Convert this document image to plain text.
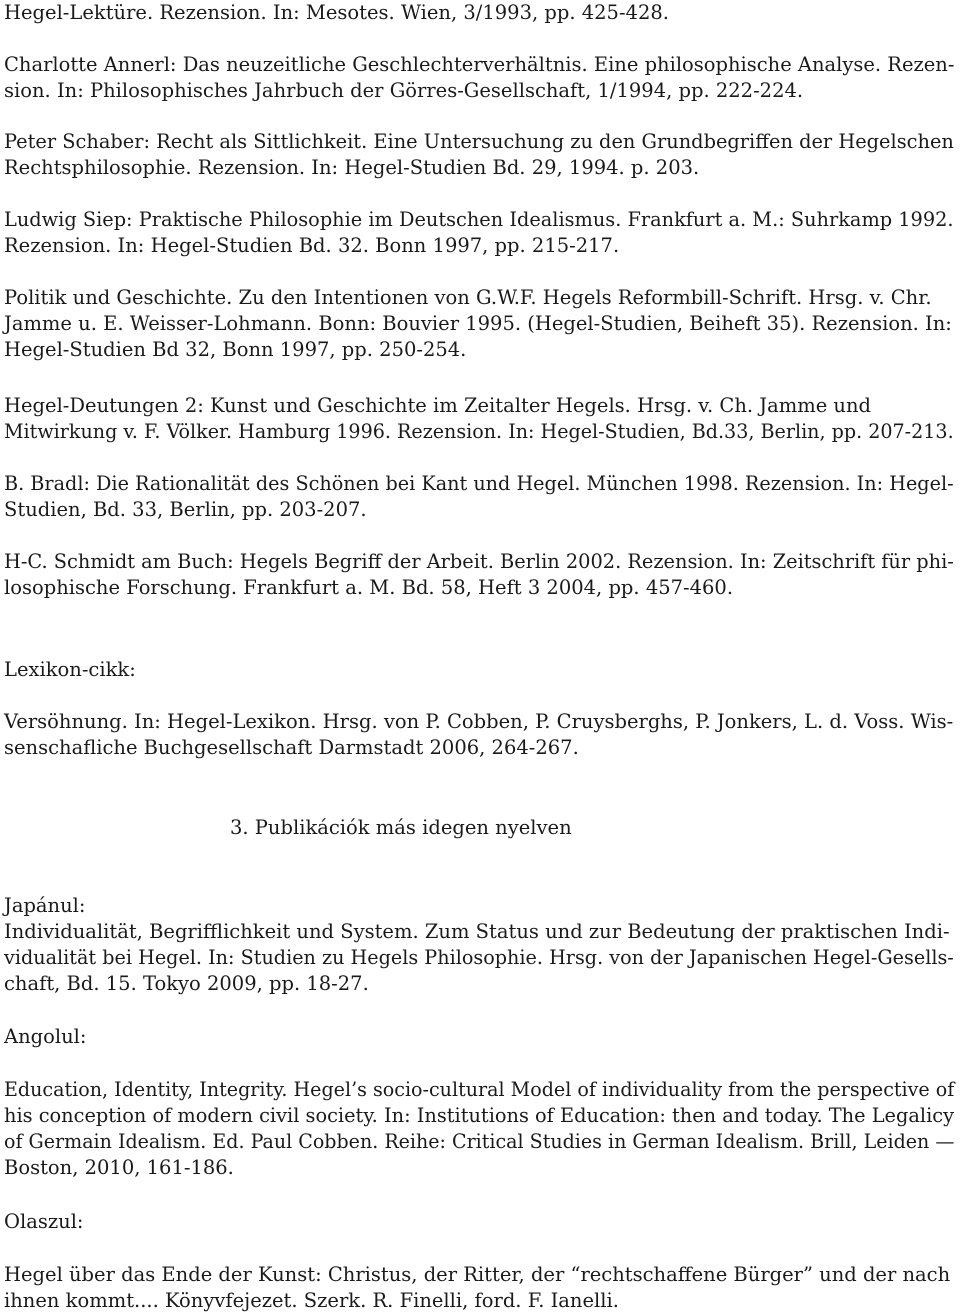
Hegel-Lektüre. Rezension. In: Mesotes. Wien, 3/1993, pp. 425-428.
Charlotte Annerl: Das neuzeitliche Geschlechterverhältnis. Eine philosophische Analyse. Rezen-
sion. In: Philosophisches Jahrbuch der Görres-Gesellschaft, 1/1994, pp. 222-224.
Peter Schaber: Recht als Sittlichkeit. Eine Untersuchung zu den Grundbegriffen der Hegelschen
Rechtsphilosophie. Rezension. In: Hegel-Studien Bd. 29, 1994. p. 203.
Ludwig Siep: Praktische Philosophie im Deutschen Idealismus. Frankfurt a. M.: Suhrkamp 1992.
Rezension. In: Hegel-Studien Bd. 32. Bonn 1997, pp. 215-217.
Politik und Geschichte. Zu den Intentionen von G.W.F. Hegels Reformbill-Schrift. Hrsg. v. Chr.
Jamme u. E. Weisser-Lohmann. Bonn: Bouvier 1995. (Hegel-Studien, Beiheft 35). Rezension. In:
Hegel-Studien Bd 32, Bonn 1997, pp. 250-254.
Hegel-Deutungen 2: Kunst und Geschichte im Zeitalter Hegels. Hrsg. v. Ch. Jamme und
Mitwirkung v. F. Völker. Hamburg 1996. Rezension. In: Hegel-Studien, Bd.33, Berlin, pp. 207-213.
B. Bradl: Die Rationalität des Schönen bei Kant und Hegel. München 1998. Rezension. In: Hegel-
Studien, Bd. 33, Berlin, pp. 203-207.
H-C. Schmidt am Buch: Hegels Begriff der Arbeit. Berlin 2002. Rezension. In: Zeitschrift für phi-
losophische Forschung. Frankfurt a. M. Bd. 58, Heft 3 2004, pp. 457-460.
Lexikon-cikk:
Versöhnung. In: Hegel-Lexikon. Hrsg. von P. Cobben, P. Cruysberghs, P. Jonkers, L. d. Voss. Wis-
senschafliche Buchgesellschaft Darmstadt 2006, 264-267.
3. Publikációk más idegen nyelven
Japánul:
Individualität, Begrifflichkeit und System. Zum Status und zur Bedeutung der praktischen Indi-
vidualität bei Hegel. In: Studien zu Hegels Philosophie. Hrsg. von der Japanischen Hegel-Gesells-
chaft, Bd. 15. Tokyo 2009, pp. 18-27.
Angolul:
Education, Identity, Integrity. Hegel’s socio-cultural Model of individuality from the perspective of
his conception of modern civil society. In: Institutions of Education: then and today. The Legalicy
of Germain Idealism. Ed. Paul Cobben. Reihe: Critical Studies in German Idealism. Brill, Leiden —
Boston, 2010, 161-186.
Olaszul:
Hegel über das Ende der Kunst: Christus, der Ritter, der “rechtschaffene Bürger” und der nach
ihnen kommt.... Könyvfejezet. Szerk. R. Finelli, ford. F. Ianelli.
